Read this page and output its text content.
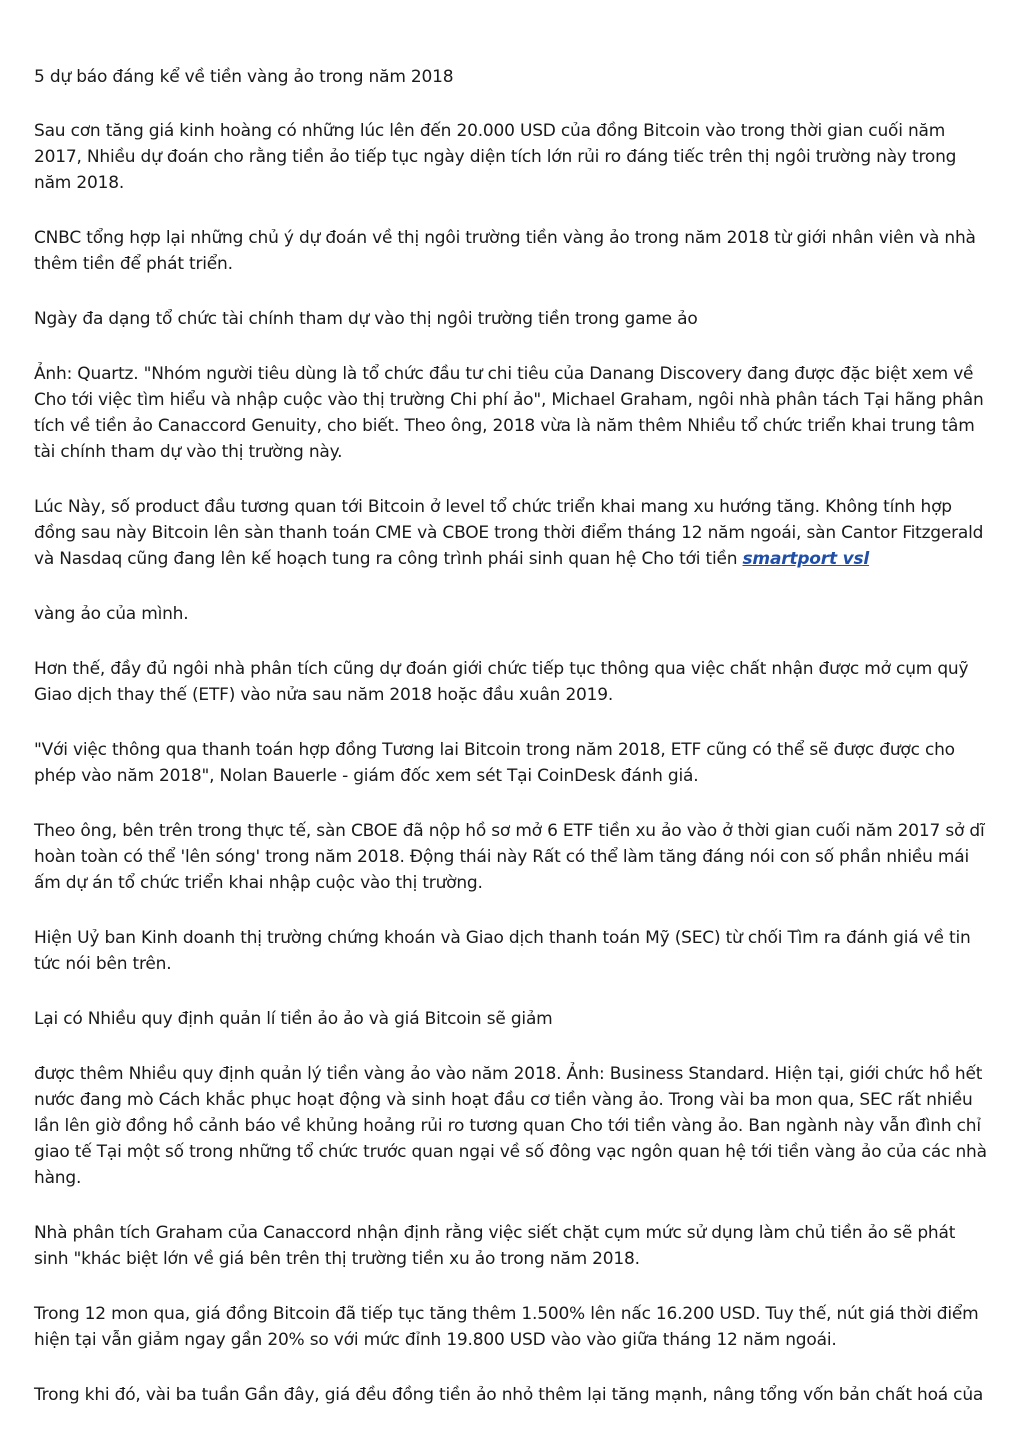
5 dự báo đáng kể về tiền vàng ảo trong năm 2018

Sau cơn tăng giá kinh hoàng có những lúc lên đến 20.000 USD của đồng Bitcoin vào trong thời gian cuối năm 2017, Nhiều dự đoán cho rằng tiền ảo tiếp tục ngày diện tích lớn rủi ro đáng tiếc trên thị ngôi trường này trong năm 2018.

CNBC tổng hợp lại những chủ ý dự đoán về thị ngôi trường tiền vàng ảo trong năm 2018 từ giới nhân viên và nhà thêm tiền để phát triển.

Ngày đa dạng tổ chức tài chính tham dự vào thị ngôi trường tiền trong game ảo

Ảnh: Quartz. "Nhóm người tiêu dùng là tổ chức đầu tư chi tiêu của Danang Discovery đang được đặc biệt xem về Cho tới việc tìm hiểu và nhập cuộc vào thị trường Chi phí ảo", Michael Graham, ngôi nhà phân tách Tại hãng phân tích về tiền ảo Canaccord Genuity, cho biết. Theo ông, 2018 vừa là năm thêm Nhiều tổ chức triển khai trung tâm tài chính tham dự vào thị trường này.

Lúc Này, số product đầu tương quan tới Bitcoin ở level tổ chức triển khai mang xu hướng tăng. Không tính hợp đồng sau này Bitcoin lên sàn thanh toán CME và CBOE trong thời điểm tháng 12 năm ngoái, sàn Cantor Fitzgerald và Nasdaq cũng đang lên kế hoạch tung ra công trình phái sinh quan hệ Cho tới tiền smartport vsl

vàng ảo của mình.

Hơn thế, đầy đủ ngôi nhà phân tích cũng dự đoán giới chức tiếp tục thông qua việc chất nhận được mở cụm quỹ Giao dịch thay thế (ETF) vào nửa sau năm 2018 hoặc đầu xuân 2019.

"Với việc thông qua thanh toán hợp đồng Tương lai Bitcoin trong năm 2018, ETF cũng có thể sẽ được được cho phép vào năm 2018", Nolan Bauerle - giám đốc xem sét Tại CoinDesk đánh giá.

Theo ông, bên trên trong thực tế, sàn CBOE đã nộp hồ sơ mở 6 ETF tiền xu ảo vào ở thời gian cuối năm 2017 sở dĩ hoàn toàn có thể 'lên sóng' trong năm 2018. Động thái này Rất có thể làm tăng đáng nói con số phần nhiều mái ấm dự án tổ chức triển khai nhập cuộc vào thị trường.

Hiện Uỷ ban Kinh doanh thị trường chứng khoán và Giao dịch thanh toán Mỹ (SEC) từ chối Tìm ra đánh giá về tin tức nói bên trên.

Lại có Nhiều quy định quản lí tiền ảo ảo và giá Bitcoin sẽ giảm

được thêm Nhiều quy định quản lý tiền vàng ảo vào năm 2018. Ảnh: Business Standard. Hiện tại, giới chức hồ hết nước đang mò Cách khắc phục hoạt động và sinh hoạt đầu cơ tiền vàng ảo. Trong vài ba mon qua, SEC rất nhiều lần lên giờ đồng hồ cảnh báo về khủng hoảng rủi ro tương quan Cho tới tiền vàng ảo. Ban ngành này vẫn đình chỉ giao tế Tại một số trong những tổ chức trước quan ngại về số đông vạc ngôn quan hệ tới tiền vàng ảo của các nhà hàng.

Nhà phân tích Graham của Canaccord nhận định rằng việc siết chặt cụm mức sử dụng làm chủ tiền ảo sẽ phát sinh "khác biệt lớn về giá bên trên thị trường tiền xu ảo trong năm 2018.

Trong 12 mon qua, giá đồng Bitcoin đã tiếp tục tăng thêm 1.500% lên nấc 16.200 USD. Tuy thế, nút giá thời điểm hiện tại vẫn giảm ngay gần 20% so với mức đỉnh 19.800 USD vào vào giữa tháng 12 năm ngoái.

Trong khi đó, vài ba tuần Gần đây, giá đều đồng tiền ảo nhỏ thêm lại tăng mạnh, nâng tổng vốn bản chất hoá của
